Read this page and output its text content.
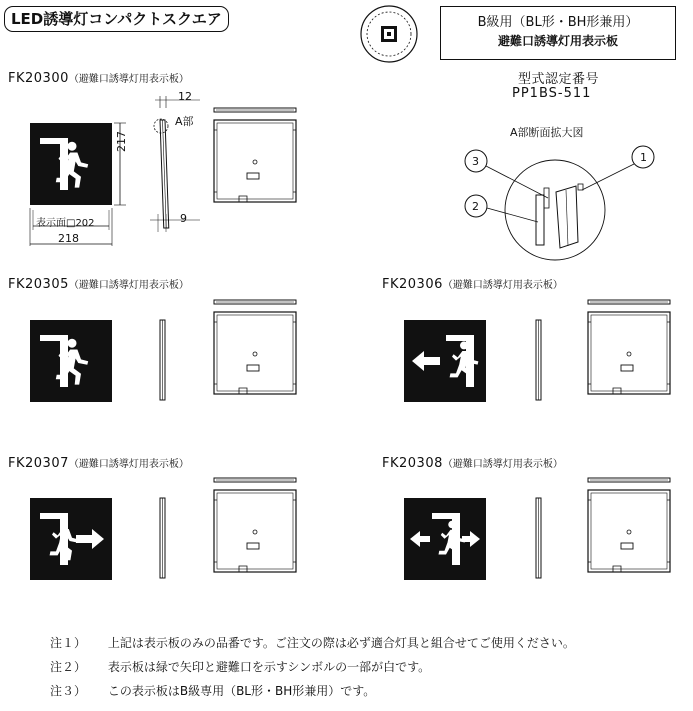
LED誘導灯コンパクトスクエア	B級用（BL形・BH形兼用）
避難口誘導灯用表示板
型式認定番号
PP1BS-511
FK20300（避難口誘導灯用表示板）
12
A部
217
表示面□202
218
9
A部断面拡大図
1
2
3
FK20305（避難口誘導灯用表示板）	FK20306（避難口誘導灯用表示板）
FK20307（避難口誘導灯用表示板）	FK20308（避難口誘導灯用表示板）
注１） 上記は表示板のみの品番です。ご注文の際は必ず適合灯具と組合せてご使用ください。
注２） 表示板は緑で矢印と避難口を示すシンボルの一部が白です。
注３） この表示板はB級専用（BL形・BH形兼用）です。
